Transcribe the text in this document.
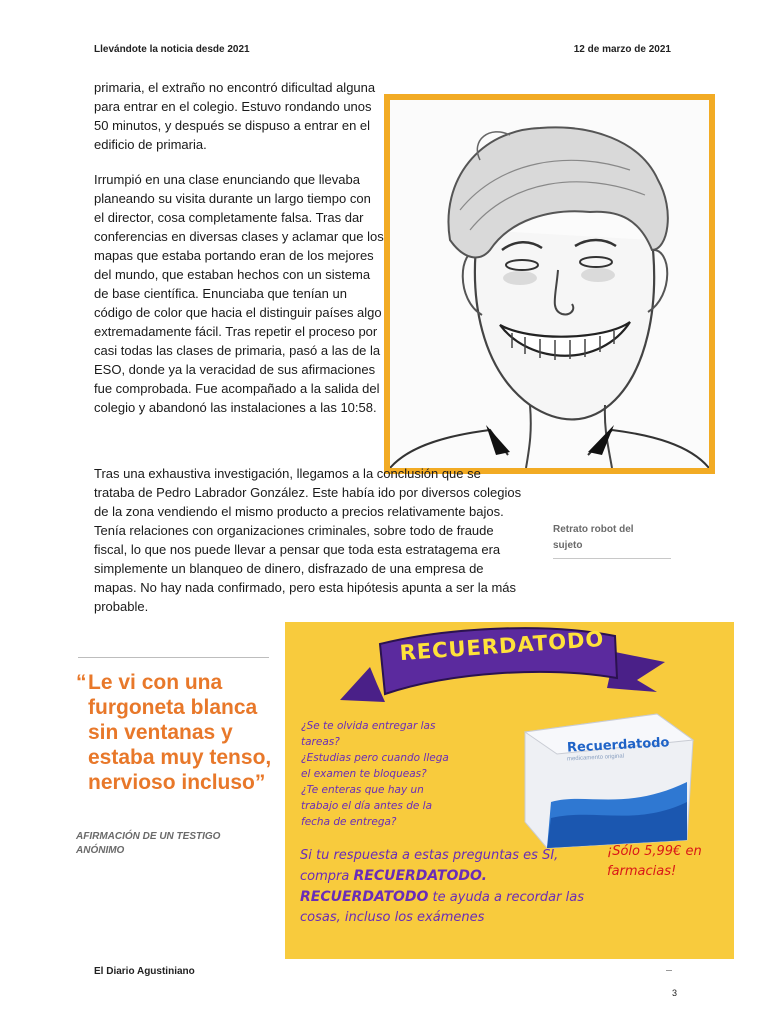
Llevándote la noticia desde 2021	12 de marzo de 2021

primaria, el extraño no encontró dificultad alguna para entrar en el colegio. Estuvo rondando unos 50 minutos, y después se dispuso a entrar en el edificio de primaria.

Irrumpió en una clase enunciando que llevaba planeando su visita durante un largo tiempo con el director, cosa completamente falsa. Tras dar conferencias en diversas clases y aclamar que los mapas que estaba portando eran de los mejores del mundo, que estaban hechos con un sistema de base científica. Enunciaba que tenían un código de color que hacia el distinguir países algo extremadamente fácil. Tras repetir el proceso por casi todas las clases de primaria, pasó a las de la ESO, donde ya la veracidad de sus afirmaciones fue comprobada. Fue acompañado a la salida del colegio y abandonó las instalaciones a las 10:58.

Retrato robot del sujeto

Tras una exhaustiva investigación, llegamos a la conclusión que se trataba de Pedro Labrador González. Este había ido por diversos colegios de la zona vendiendo el mismo producto a precios relativamente bajos. Tenía relaciones con organizaciones criminales, sobre todo de fraude fiscal, lo que nos puede llevar a pensar que toda esta estratagema era simplemente un blanqueo de dinero, disfrazado de una empresa de mapas. No hay nada confirmado, pero esta hipótesis apunta a ser la más probable.

“ Le vi con una furgoneta blanca sin ventanas y estaba muy tenso, nervioso incluso”

AFIRMACIÓN DE UN TESTIGO ANÓNIMO
RECUERDATODO
Recuerdatodo
medicamento original
¿Se te olvida entregar las
tareas?
¿Estudias pero cuando llega
el examen te bloqueas?
¿Te enteras que hay un
trabajo el día antes de la
fecha de entrega?
Si tu respuesta a estas preguntas es SI,
compra RECUERDATODO.
RECUERDATODO te ayuda a recordar las
cosas, incluso los exámenes
¡Sólo 5,99€ en farmacias!
El Diario Agustiniano
3
